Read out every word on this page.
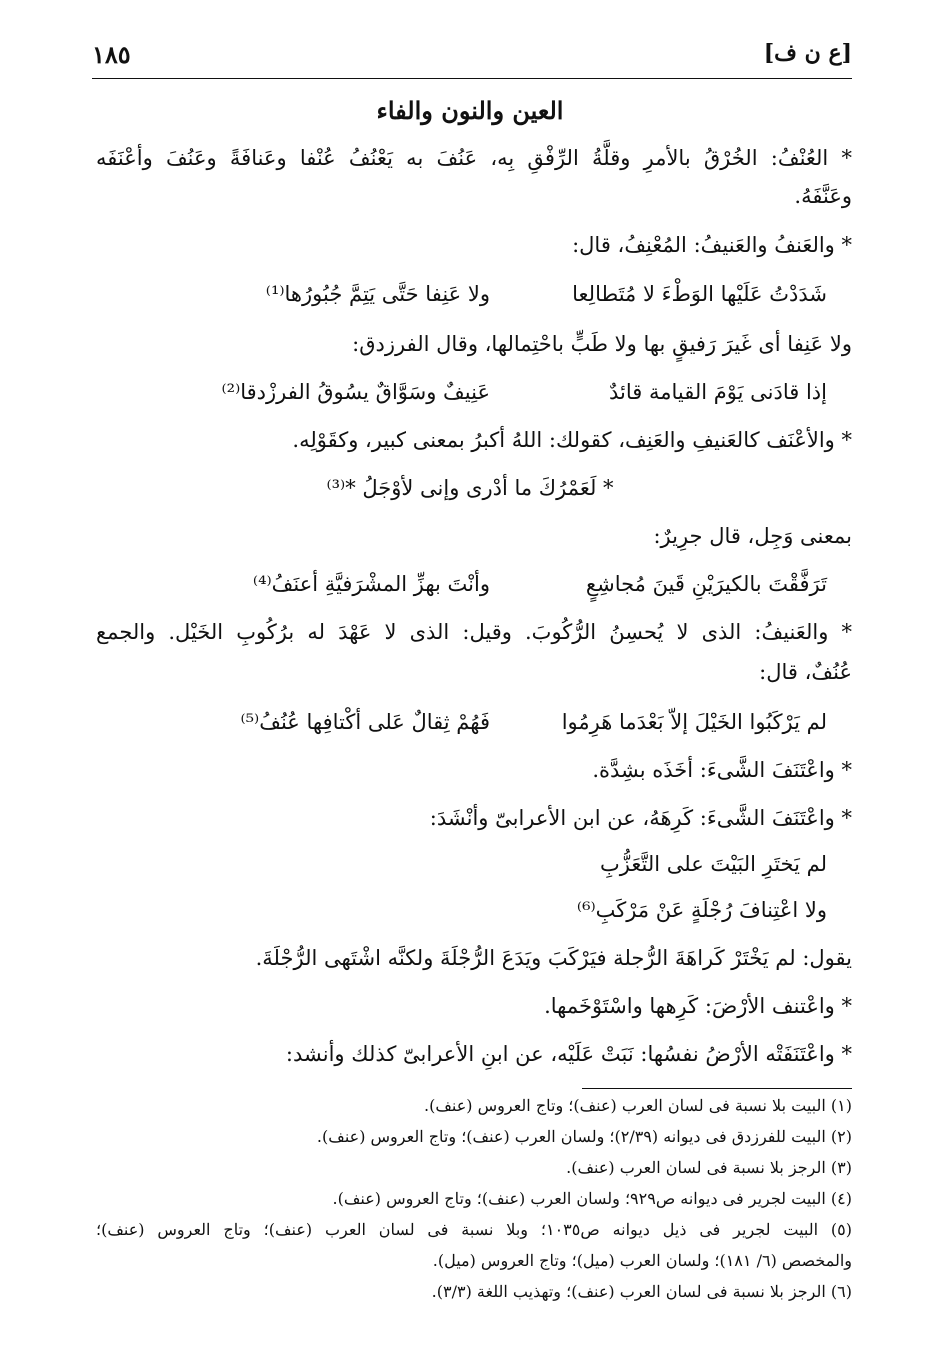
[ع ن ف]
١٨٥
العين والنون والفاء
* العُنْفُ: الخُرْقُ بالأمرِ وقلَّةُ الرِّفْقِ بِه، عَنُفَ به يَعْنُفُ عُنْفا وعَنافَةً وعَنُفَ وأعْنَفَه
وعَنَّفَهُ.
* والعَنفُ والعَنيفُ: المُعْنِفُ، قال:
شَدَدْتُ عَلَيْها الوَطْءَ لا مُتَطالِعا
ولا عَنِفا حَتَّى يَتِمَّ جُبُورُها⁽¹⁾
ولا عَنِفا أى غَيرَ رَفيقٍ بها ولا طَبٍّ باحْتِمالها، وقال الفرزدق:
إذا قادَنى يَوْمَ القيامة قائدٌ
عَنِيفٌ وسَوَّاقٌ يسُوقُ الفرزْدقا⁽²⁾
* والأعْنَف كالعَنيفِ والعَنِف، كقولك: اللهُ أكبرُ بمعنى كبير، وكقَوْلِه.
* لَعَمْرُكَ ما أدْرى وإنى لأوْجَلُ *⁽³⁾
بمعنى وَجِل، قال جرِيرٌ:
تَرَفَّقْتَ بالكيرَيْنِ قَينَ مُجاشِعٍ
وأنْتَ بهزِّ المشْرَفيَّةِ أعنَفُ⁽⁴⁾
* والعَنيفُ: الذى لا يُحسِنُ الرُّكُوبَ. وقيل: الذى لا عَهْدَ له برُكُوبِ الخَيْل. والجمع
عُنُفٌ، قال:
لم يَرْكَبُوا الخَيْلَ إلاّ بَعْدَما هَرِمُوا
فَهُمْ ثِقالٌ عَلى أكْتافِها عُنُفُ⁽⁵⁾
* واعْتَنَفَ الشَّىءَ: أخَذَه بشِدَّة.
* واعْتَنَفَ الشَّىءَ: كَرِهَهُ، عن ابن الأعرابىّ وأنْشَدَ:
لم يَختَرِ البَيْتَ على التَّعَزُّبِ
ولا اعْتِنافَ رُجْلَةٍ عَنْ مَرْكَبِ⁽⁶⁾
يقول: لم يَخْتَرْ كَراهَةَ الرُّجلة فيَرْكَبَ ويَدَعَ الرُّجْلَةَ ولكنَّه اشْتَهى الرُّجْلَةَ.
* واعْتنف الأرْضَ: كَرِهها واسْتَوْخَمها.
* واعْتَنَفَتْه الأرْضُ نفسُها: نَبَتْ عَلَيْه، عن ابنِ الأعرابىّ كذلك وأنشد:
(١) البيت بلا نسبة فى لسان العرب (عنف)؛ وتاج العروس (عنف).
(٢) البيت للفرزدق فى ديوانه (٢/٣٩)؛ ولسان العرب (عنف)؛ وتاج العروس (عنف).
(٣) الرجز بلا نسبة فى لسان العرب (عنف).
(٤) البيت لجرير فى ديوانه ص٩٢٩؛ ولسان العرب (عنف)؛ وتاج العروس (عنف).
(٥) البيت لجرير فى ذيل ديوانه ص١٠٣٥؛ وبلا نسبة فى لسان العرب (عنف)؛ وتاج العروس (عنف)؛
والمخصص (٦/ ١٨١)؛ ولسان العرب (ميل)؛ وتاج العروس (ميل).
(٦) الرجز بلا نسبة فى لسان العرب (عنف)؛ وتهذيب اللغة (٣/٣).
